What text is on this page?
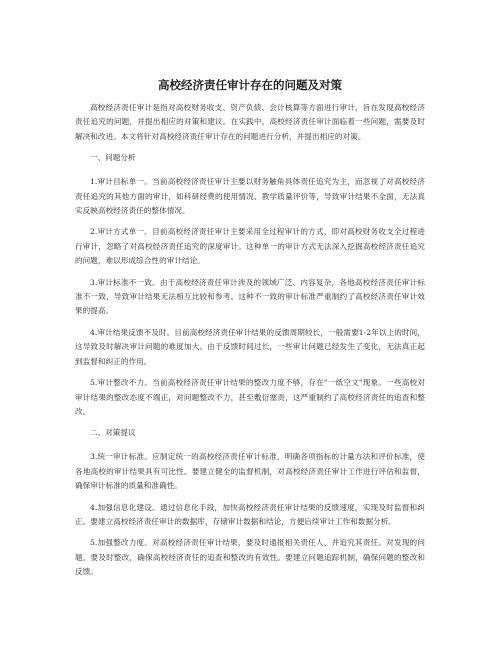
高校经济责任审计存在的问题及对策

高校经济责任审计是指对高校财务收支、资产负债、会计核算等方面进行审计，旨在发现高校经济责任追究的问题，并提出相应的对策和建议。在实践中，高校经济责任审计面临着一些问题，需要及时解决和改进。本文将针对高校经济责任审计存在的问题进行分析，并提出相应的对策。

一、问题分析

1.审计目标单一。当前高校经济责任审计主要以财务触角具体责任追究为主，而忽视了对高校经济责任追究的其他方面的审计，如科研经费的使用情况、教学质量评价等，导致审计结果不全面，无法真实反映高校经济责任的整体情况。

2.审计方式单一。目前高校经济责任审计主要采用全过程审计的方式，即对高校财务收支全过程进行审计，忽略了对高校经济责任追究的深度审计。这种单一的审计方式无法深入挖掘高校经济责任追究的问题，难以形成综合性的审计结论。

3.审计标准不一致。由于高校经济责任审计涉及的领域广泛、内容复杂，各地高校经济责任审计标准不一致，导致审计结果无法相互比较和参考。这种不一致的审计标准严重制约了高校经济责任审计效果的提高。

4.审计结果反馈不及时。目前高校经济责任审计结果的反馈周期较长，一般需要1-2年以上的时间，这导致及时解决审计问题的难度加大。由于反馈时间过长，一些审计问题已经发生了变化，无法真正起到监督和纠正的作用。

5.审计整改不力。当前高校经济责任审计结果的整改力度不够，存在"一纸空文"现象。一些高校对审计结果的整改态度不端正，对问题整改不力，甚至敷衍塞责，这严重制约了高校经济责任的追查和整改。

二、对策提议

3.统一审计标准。应制定统一的高校经济责任审计标准，明确各项指标的计量方法和评价标准，使各地高校的审计结果具有可比性。要建立健全的监督机制，对高校经济责任审计工作进行评估和监督，确保审计标准的质量和准确性。

4.加强信息化建设。通过信息化手段，加快高校经济责任审计结果的反馈速度，实现及时监督和纠正。要建立高校经济责任审计的数据库，存储审计数据和结论，方便后续审计工作和数据分析。

5.加强整改力度。对高校经济责任审计结果，要及时通报相关责任人，并追究其责任。对发现的问题，要及时整改，确保高校经济责任的追查和整改的有效性。要建立问题追踪机制，确保问题的整改和反馈。
